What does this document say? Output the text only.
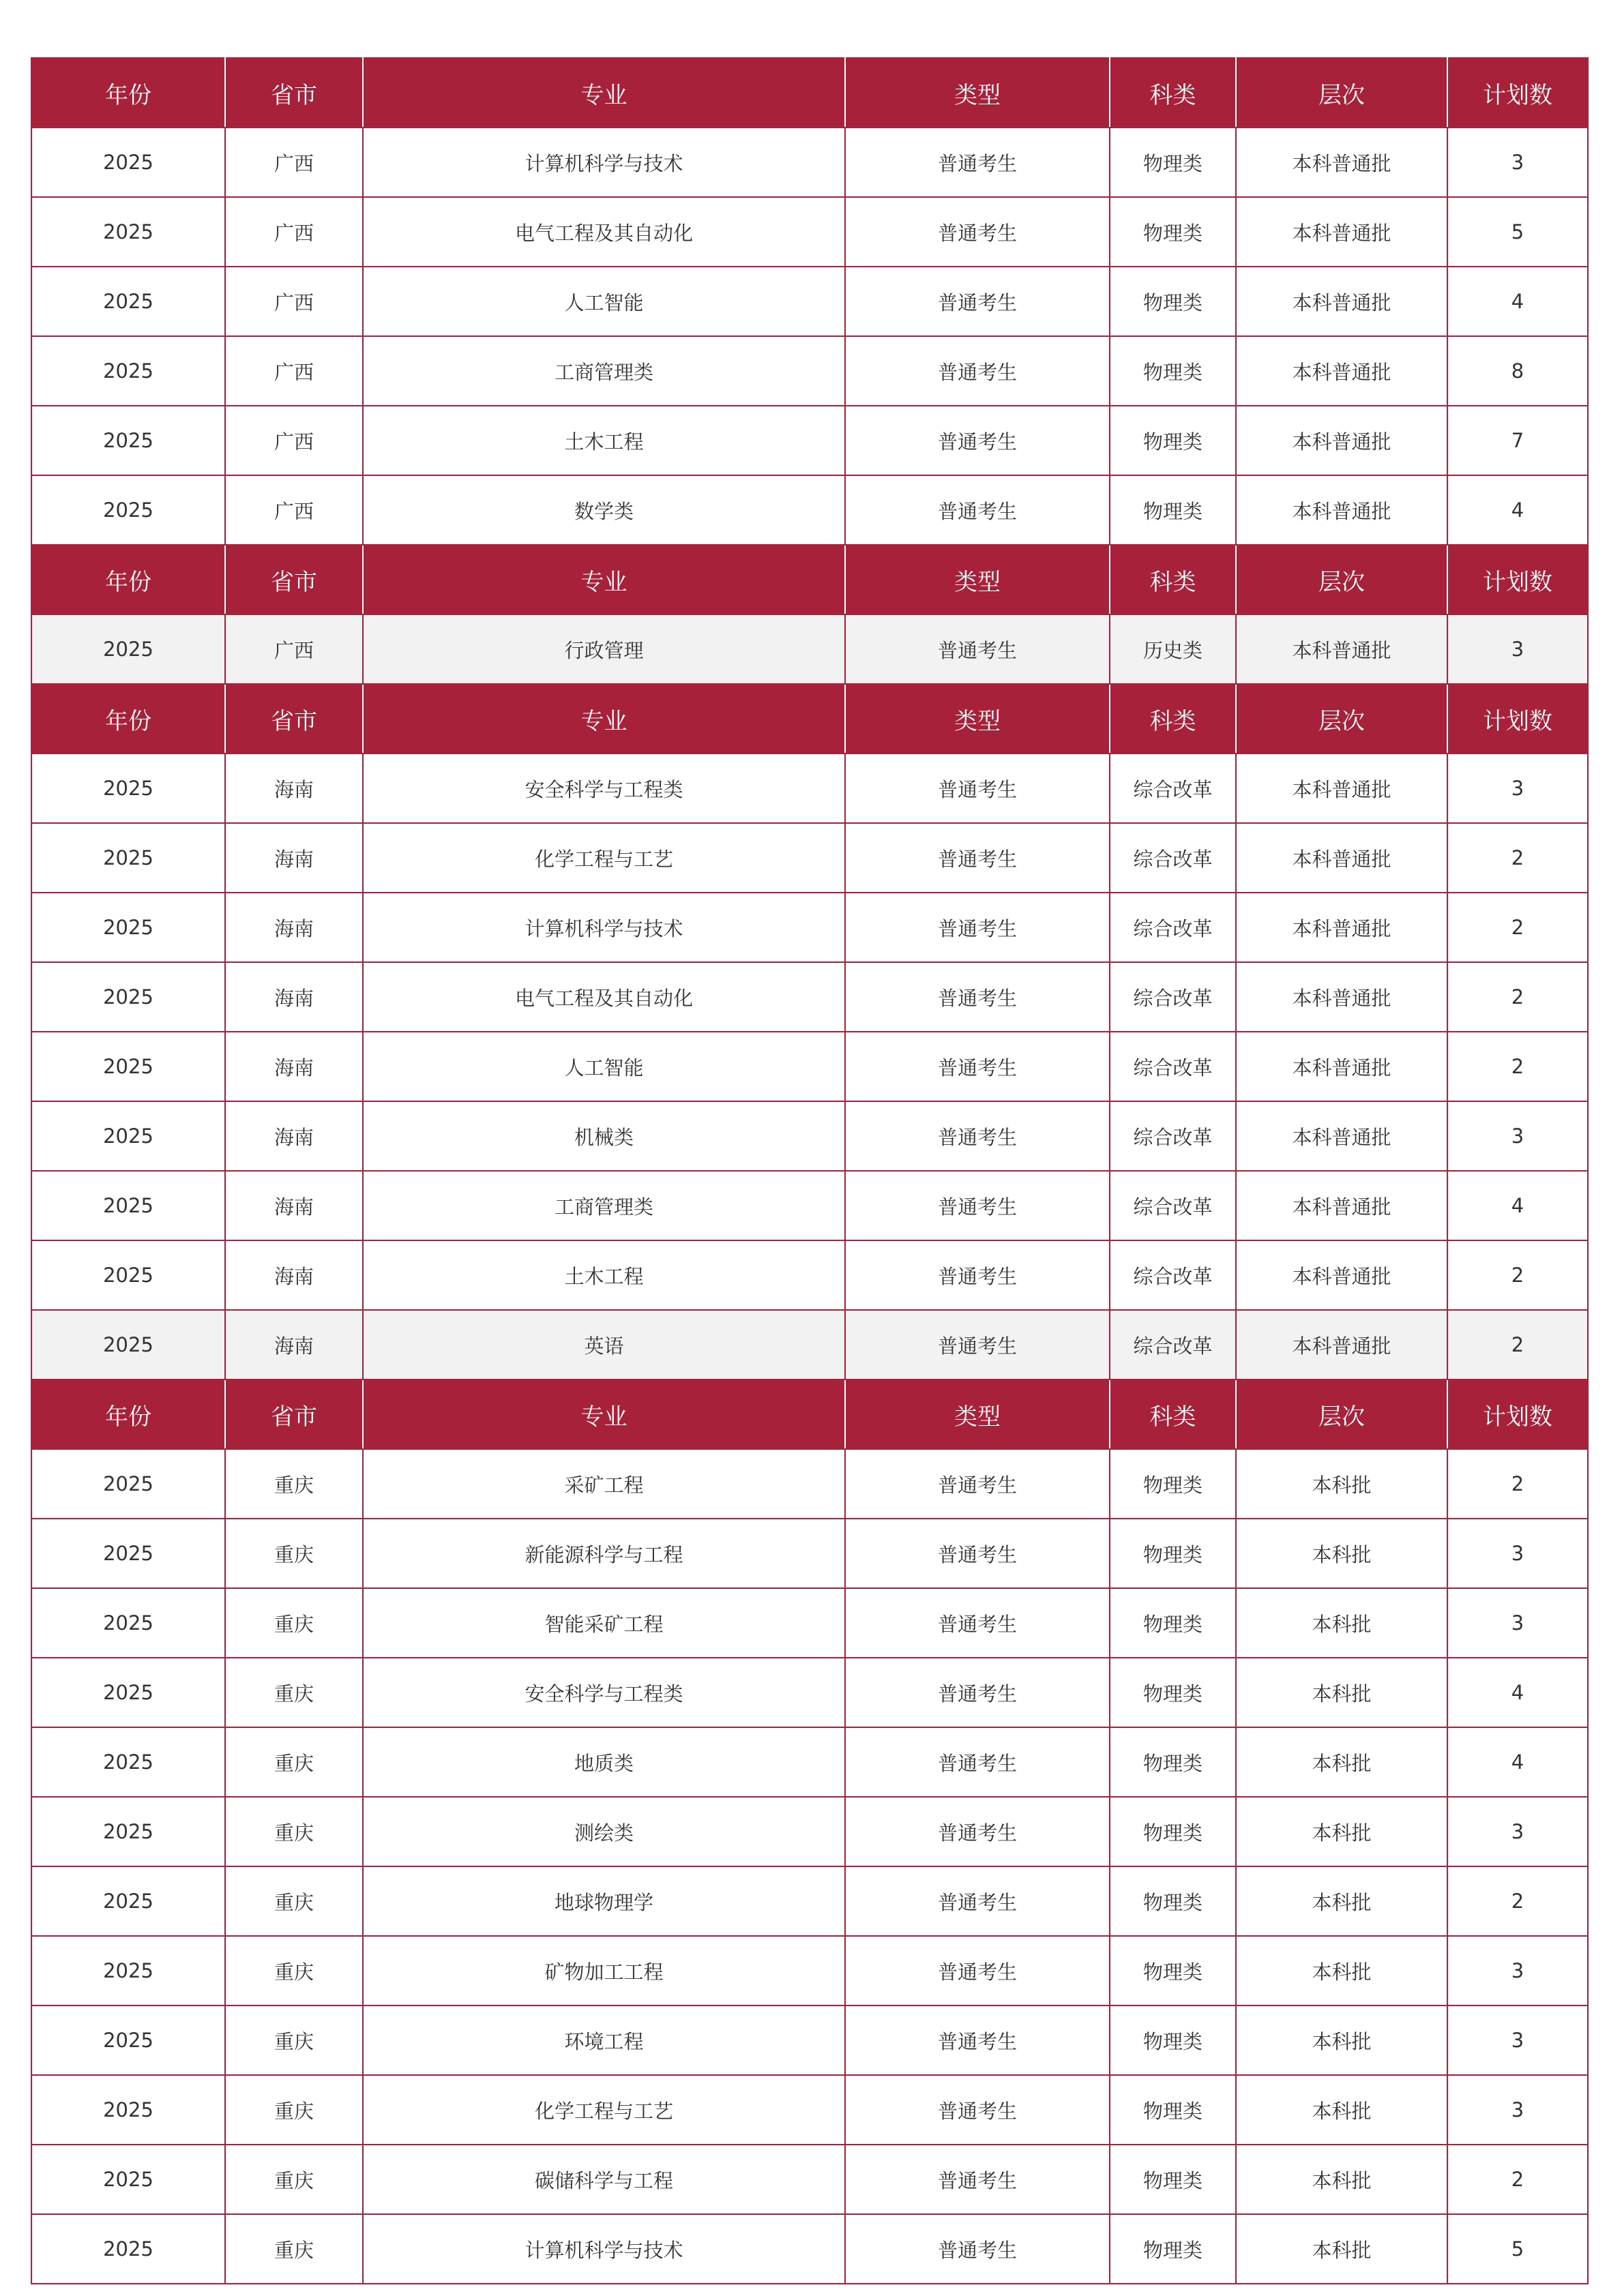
年份	省市	专业	类型	科类	层次	计划数
2025	广西	计算机科学与技术	普通考生	物理类	本科普通批	3
2025	广西	电气工程及其自动化	普通考生	物理类	本科普通批	5
2025	广西	人工智能	普通考生	物理类	本科普通批	4
2025	广西	工商管理类	普通考生	物理类	本科普通批	8
2025	广西	土木工程	普通考生	物理类	本科普通批	7
2025	广西	数学类	普通考生	物理类	本科普通批	4
年份	省市	专业	类型	科类	层次	计划数
2025	广西	行政管理	普通考生	历史类	本科普通批	3
年份	省市	专业	类型	科类	层次	计划数
2025	海南	安全科学与工程类	普通考生	综合改革	本科普通批	3
2025	海南	化学工程与工艺	普通考生	综合改革	本科普通批	2
2025	海南	计算机科学与技术	普通考生	综合改革	本科普通批	2
2025	海南	电气工程及其自动化	普通考生	综合改革	本科普通批	2
2025	海南	人工智能	普通考生	综合改革	本科普通批	2
2025	海南	机械类	普通考生	综合改革	本科普通批	3
2025	海南	工商管理类	普通考生	综合改革	本科普通批	4
2025	海南	土木工程	普通考生	综合改革	本科普通批	2
2025	海南	英语	普通考生	综合改革	本科普通批	2
年份	省市	专业	类型	科类	层次	计划数
2025	重庆	采矿工程	普通考生	物理类	本科批	2
2025	重庆	新能源科学与工程	普通考生	物理类	本科批	3
2025	重庆	智能采矿工程	普通考生	物理类	本科批	3
2025	重庆	安全科学与工程类	普通考生	物理类	本科批	4
2025	重庆	地质类	普通考生	物理类	本科批	4
2025	重庆	测绘类	普通考生	物理类	本科批	3
2025	重庆	地球物理学	普通考生	物理类	本科批	2
2025	重庆	矿物加工工程	普通考生	物理类	本科批	3
2025	重庆	环境工程	普通考生	物理类	本科批	3
2025	重庆	化学工程与工艺	普通考生	物理类	本科批	3
2025	重庆	碳储科学与工程	普通考生	物理类	本科批	2
2025	重庆	计算机科学与技术	普通考生	物理类	本科批	5
